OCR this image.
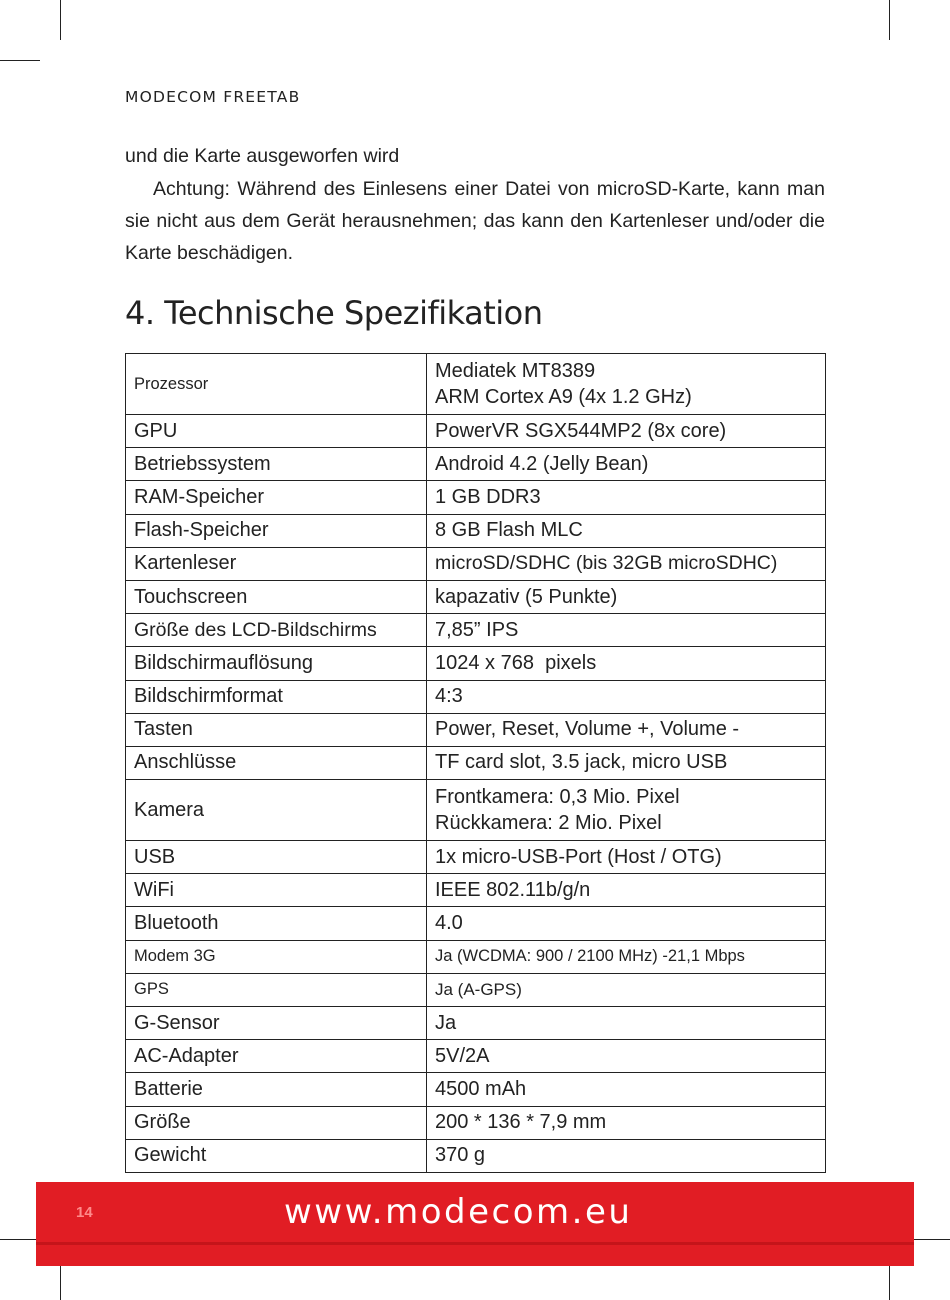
MODECOM FREETAB
und die Karte ausgeworfen wird
Achtung: Während des Einlesens einer Datei von microSD-Karte, kann man sie nicht aus dem Gerät herausnehmen; das kann den Kartenleser und/oder die Karte beschädigen.
4. Technische Spezifikation
Prozessor	Mediatek MT8389
ARM Cortex A9 (4x 1.2 GHz)

GPU	PowerVR SGX544MP2 (8x core)
Betriebssystem	Android 4.2 (Jelly Bean)
RAM-Speicher	1 GB DDR3
Flash-Speicher	8 GB Flash MLC
Kartenleser	microSD/SDHC (bis 32GB microSDHC)
Touchscreen	kapazativ (5 Punkte)
Größe des LCD-Bildschirms	7,85” IPS
Bildschirmauflösung	1024 x 768  pixels
Bildschirmformat	4:3
Tasten	Power, Reset, Volume +, Volume -
Anschlüsse	TF card slot, 3.5 jack, micro USB
Kamera	Frontkamera: 0,3 Mio. Pixel
Rückkamera: 2 Mio. Pixel

USB	1x micro-USB-Port (Host / OTG)
WiFi	IEEE 802.11b/g/n
Bluetooth	4.0
Modem 3G	Ja (WCDMA: 900 / 2100 MHz) -21,1 Mbps
GPS	Ja (A-GPS)
G-Sensor	Ja
AC-Adapter	5V/2A
Batterie	4500 mAh
Größe	200 * 136 * 7,9 mm
Gewicht	370 g
14	www.modecom.eu
